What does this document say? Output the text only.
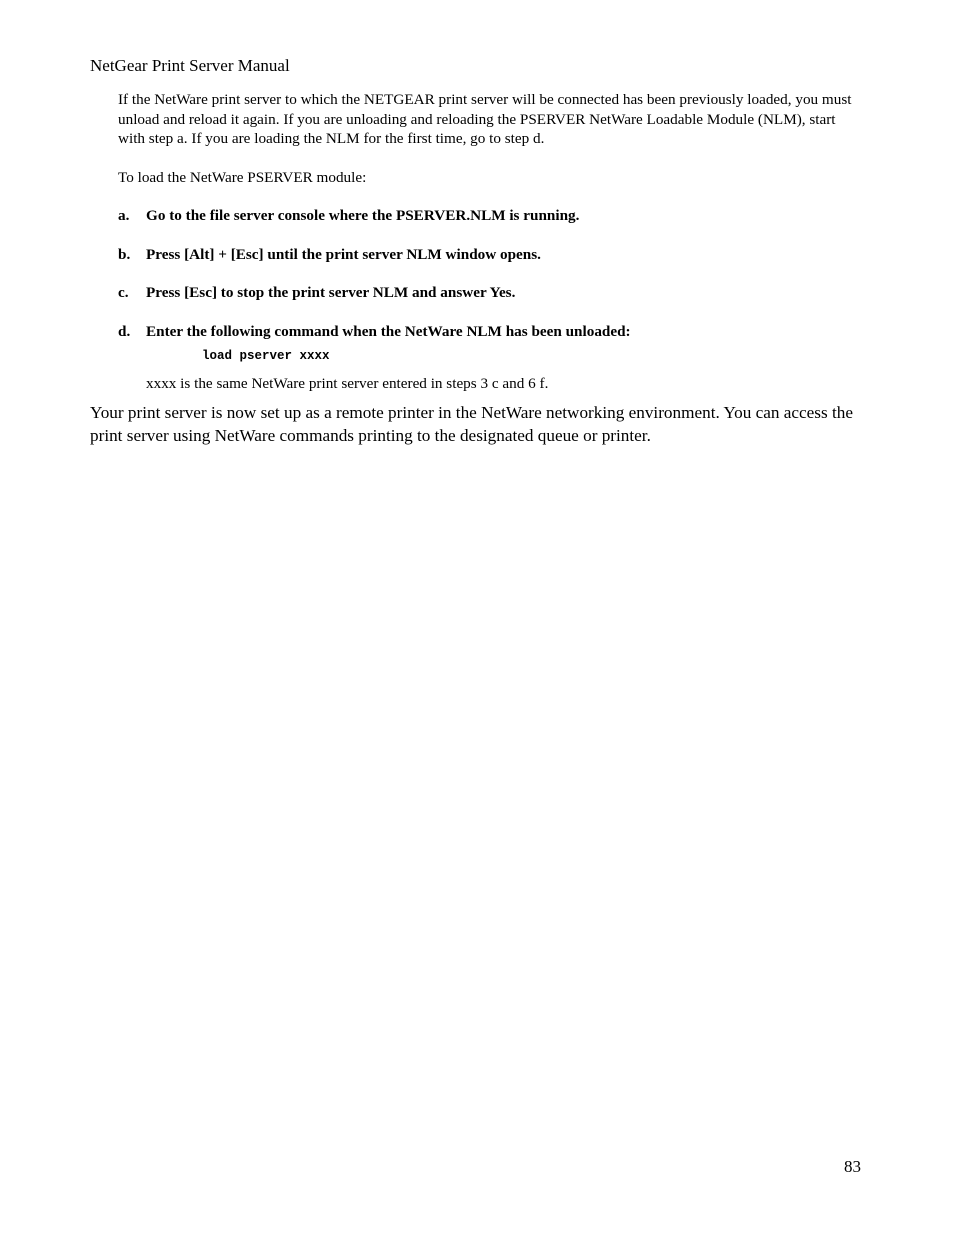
NetGear Print Server Manual

If the NetWare print server to which the NETGEAR print server will be connected has been previously loaded, you must unload and reload it again. If you are unloading and reloading the PSERVER NetWare Loadable Module (NLM), start with step a. If you are loading the NLM for the first time, go to step d.

To load the NetWare PSERVER module:

a. Go to the file server console where the PSERVER.NLM is running.
b. Press [Alt] + [Esc] until the print server NLM window opens.
c. Press [Esc] to stop the print server NLM and answer Yes.
d. Enter the following command when the NetWare NLM has been unloaded:
load pserver xxxx
xxxx is the same NetWare print server entered in steps 3 c and 6 f.

Your print server is now set up as a remote printer in the NetWare networking environment. You can access the print server using NetWare commands printing to the designated queue or printer.

83
